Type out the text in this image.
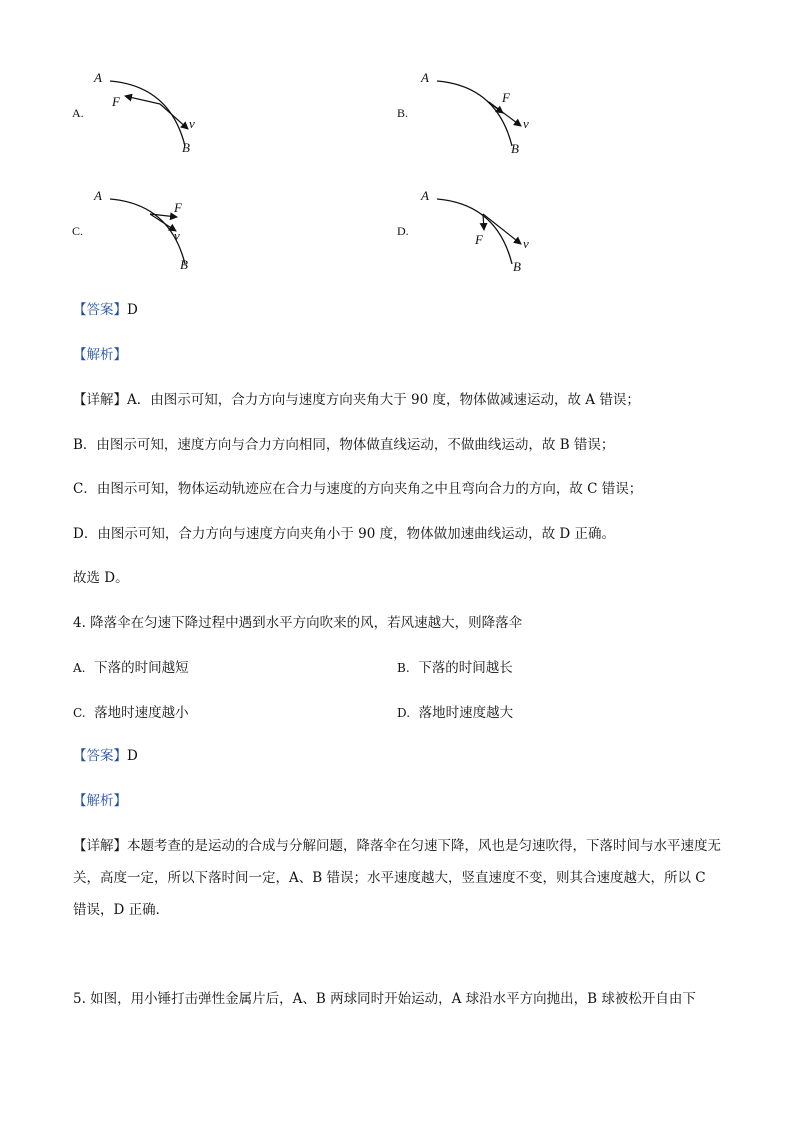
A.
A
F
v
B
B.
A
F
v
B
C.
A
F
v
B
D.
A
F	v
B
【答案】D
【解析】
【详解】A．由图示可知，合力方向与速度方向夹角大于 90 度，物体做减速运动，故 A 错误；
B．由图示可知，速度方向与合力方向相同，物体做直线运动，不做曲线运动，故 B 错误；
C．由图示可知，物体运动轨迹应在合力与速度的方向夹角之中且弯向合力的方向，故 C 错误；
D．由图示可知，合力方向与速度方向夹角小于 90 度，物体做加速曲线运动，故 D 正确。
故选 D。
4. 降落伞在匀速下降过程中遇到水平方向吹来的风，若风速越大，则降落伞
A. 下落的时间越短	B. 下落的时间越长
C. 落地时速度越小	D. 落地时速度越大
【答案】D
【解析】
【详解】本题考查的是运动的合成与分解问题，降落伞在匀速下降，风也是匀速吹得，下落时间与水平速度无关，高度一定，所以下落时间一定，A、B 错误；水平速度越大，竖直速度不变，则其合速度越大，所以 C 错误，D 正确．
5. 如图，用小锤打击弹性金属片后，A、B 两球同时开始运动，A 球沿水平方向抛出，B 球被松开自由下
